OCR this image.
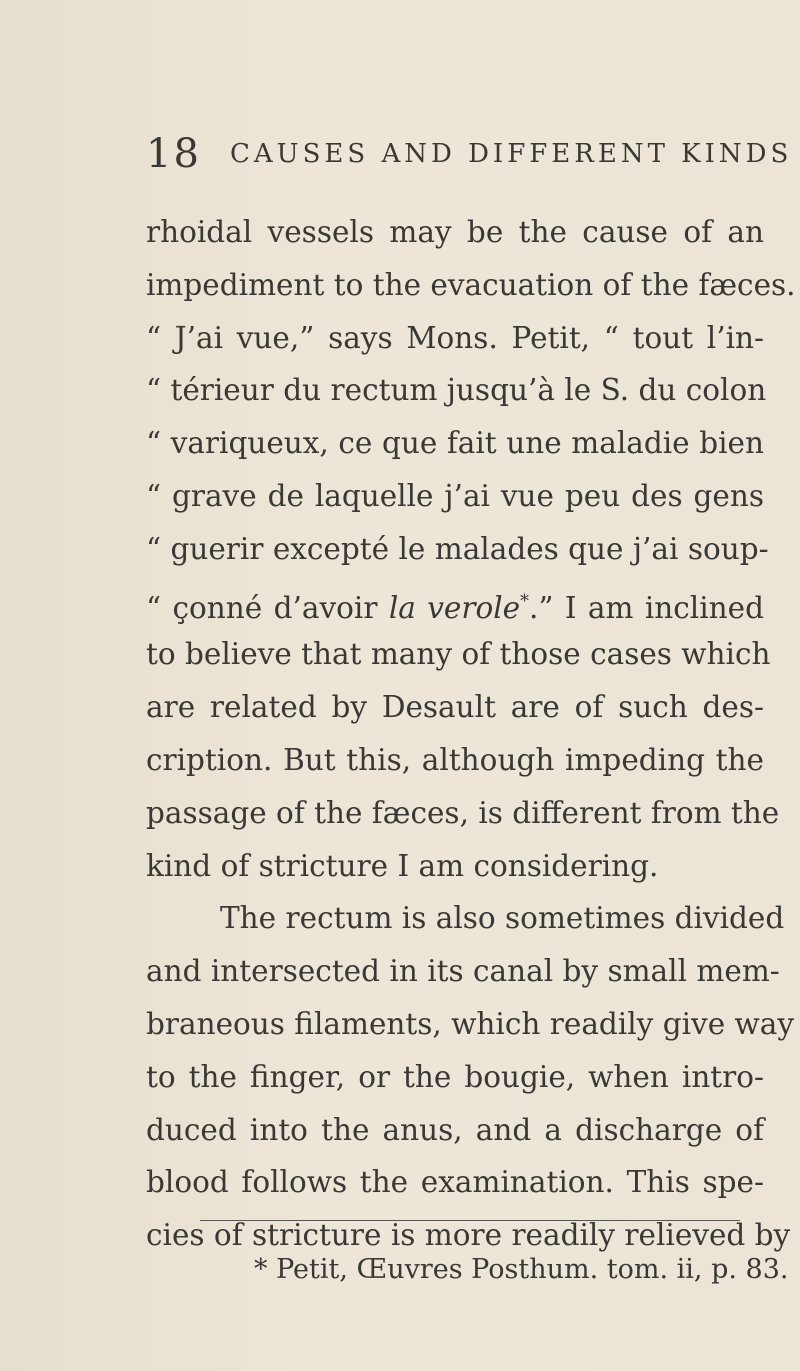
18 CAUSES AND DIFFERENT KINDS
rhoidal vessels may be the cause of an
impediment to the evacuation of the fæces.
“ J’ai vue,” says Mons. Petit, “ tout l’in-
“ térieur du rectum jusqu’à le S. du colon
“ variqueux, ce que fait une maladie bien
“ grave de laquelle j’ai vue peu des gens
“ guerir excepté le malades que j’ai soup-
“ çonné d’avoir la verole*.” I am inclined
to believe that many of those cases which
are related by Desault are of such des-
cription. But this, although impeding the
passage of the fæces, is different from the
kind of stricture I am considering.
The rectum is also sometimes divided
and intersected in its canal by small mem-
braneous filaments, which readily give way
to the finger, or the bougie, when intro-
duced into the anus, and a discharge of
blood follows the examination. This spe-
cies of stricture is more readily relieved by
* Petit, Œuvres Posthum. tom. ii, p. 83.
